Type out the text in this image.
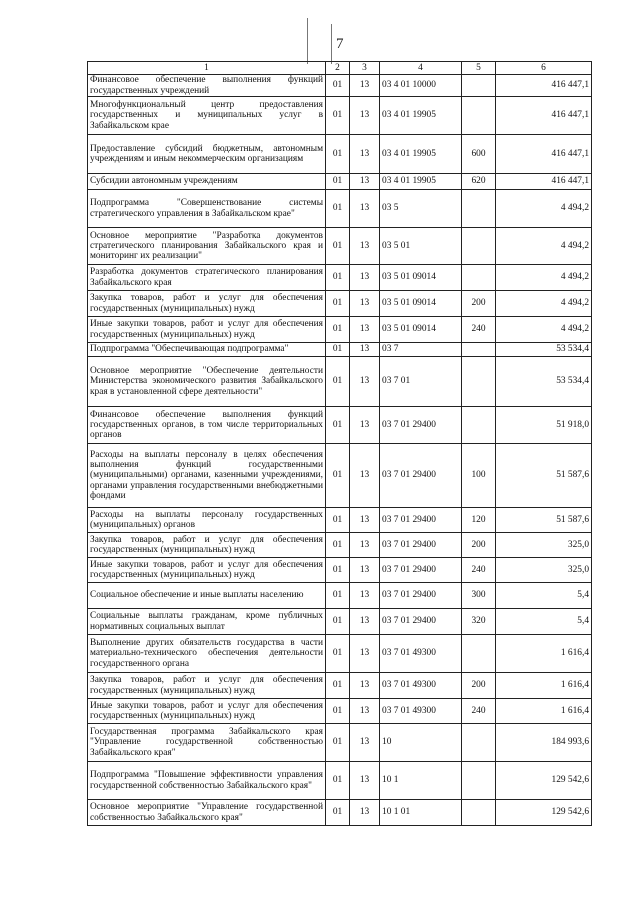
7
1	2	3	4	5	6
Финансовое обеспечение выполнения функций государственных учреждений	01	13	03 4 01 10000		416 447,1
Многофункциональный центр предоставления государственных и муниципальных услуг в Забайкальском крае	01	13	03 4 01 19905		416 447,1
Предоставление субсидий бюджетным, автономным учреждениям и иным некоммерческим организациям	01	13	03 4 01 19905	600	416 447,1
Субсидии автономным учреждениям	01	13	03 4 01 19905	620	416 447,1
Подпрограмма "Совершенствование системы стратегического управления в Забайкальском крае"	01	13	03 5		4 494,2
Основное мероприятие "Разработка документов стратегического планирования Забайкальского края и мониторинг их реализации"	01	13	03 5 01		4 494,2
Разработка документов стратегического планирования Забайкальского края	01	13	03 5 01 09014		4 494,2
Закупка товаров, работ и услуг для обеспечения государственных (муниципальных) нужд	01	13	03 5 01 09014	200	4 494,2
Иные закупки товаров, работ и услуг для обеспечения государственных (муниципальных) нужд	01	13	03 5 01 09014	240	4 494,2
Подпрограмма "Обеспечивающая подпрограмма"	01	13	03 7		53 534,4
Основное мероприятие "Обеспечение деятельности Министерства экономического развития Забайкальского края в установленной сфере деятельности"	01	13	03 7 01		53 534,4
Финансовое обеспечение выполнения функций государственных органов, в том числе территориальных органов	01	13	03 7 01 29400		51 918,0
Расходы на выплаты персоналу в целях обеспечения выполнения функций государственными (муниципальными) органами, казенными учреждениями, органами управления государственными внебюджетными фондами	01	13	03 7 01 29400	100	51 587,6
Расходы на выплаты персоналу государственных (муниципальных) органов	01	13	03 7 01 29400	120	51 587,6
Закупка товаров, работ и услуг для обеспечения государственных (муниципальных) нужд	01	13	03 7 01 29400	200	325,0
Иные закупки товаров, работ и услуг для обеспечения государственных (муниципальных) нужд	01	13	03 7 01 29400	240	325,0
Социальное обеспечение и иные выплаты населению	01	13	03 7 01 29400	300	5,4
Социальные выплаты гражданам, кроме публичных нормативных социальных выплат	01	13	03 7 01 29400	320	5,4
Выполнение других обязательств государства в части материально-технического обеспечения деятельности государственного органа	01	13	03 7 01 49300		1 616,4
Закупка товаров, работ и услуг для обеспечения государственных (муниципальных) нужд	01	13	03 7 01 49300	200	1 616,4
Иные закупки товаров, работ и услуг для обеспечения государственных (муниципальных) нужд	01	13	03 7 01 49300	240	1 616,4
Государственная программа Забайкальского края "Управление государственной собственностью Забайкальского края"	01	13	10		184 993,6
Подпрограмма "Повышение эффективности управления государственной собственностью Забайкальского края"	01	13	10 1		129 542,6
Основное мероприятие "Управление государственной собственностью Забайкальского края"	01	13	10 1 01		129 542,6
